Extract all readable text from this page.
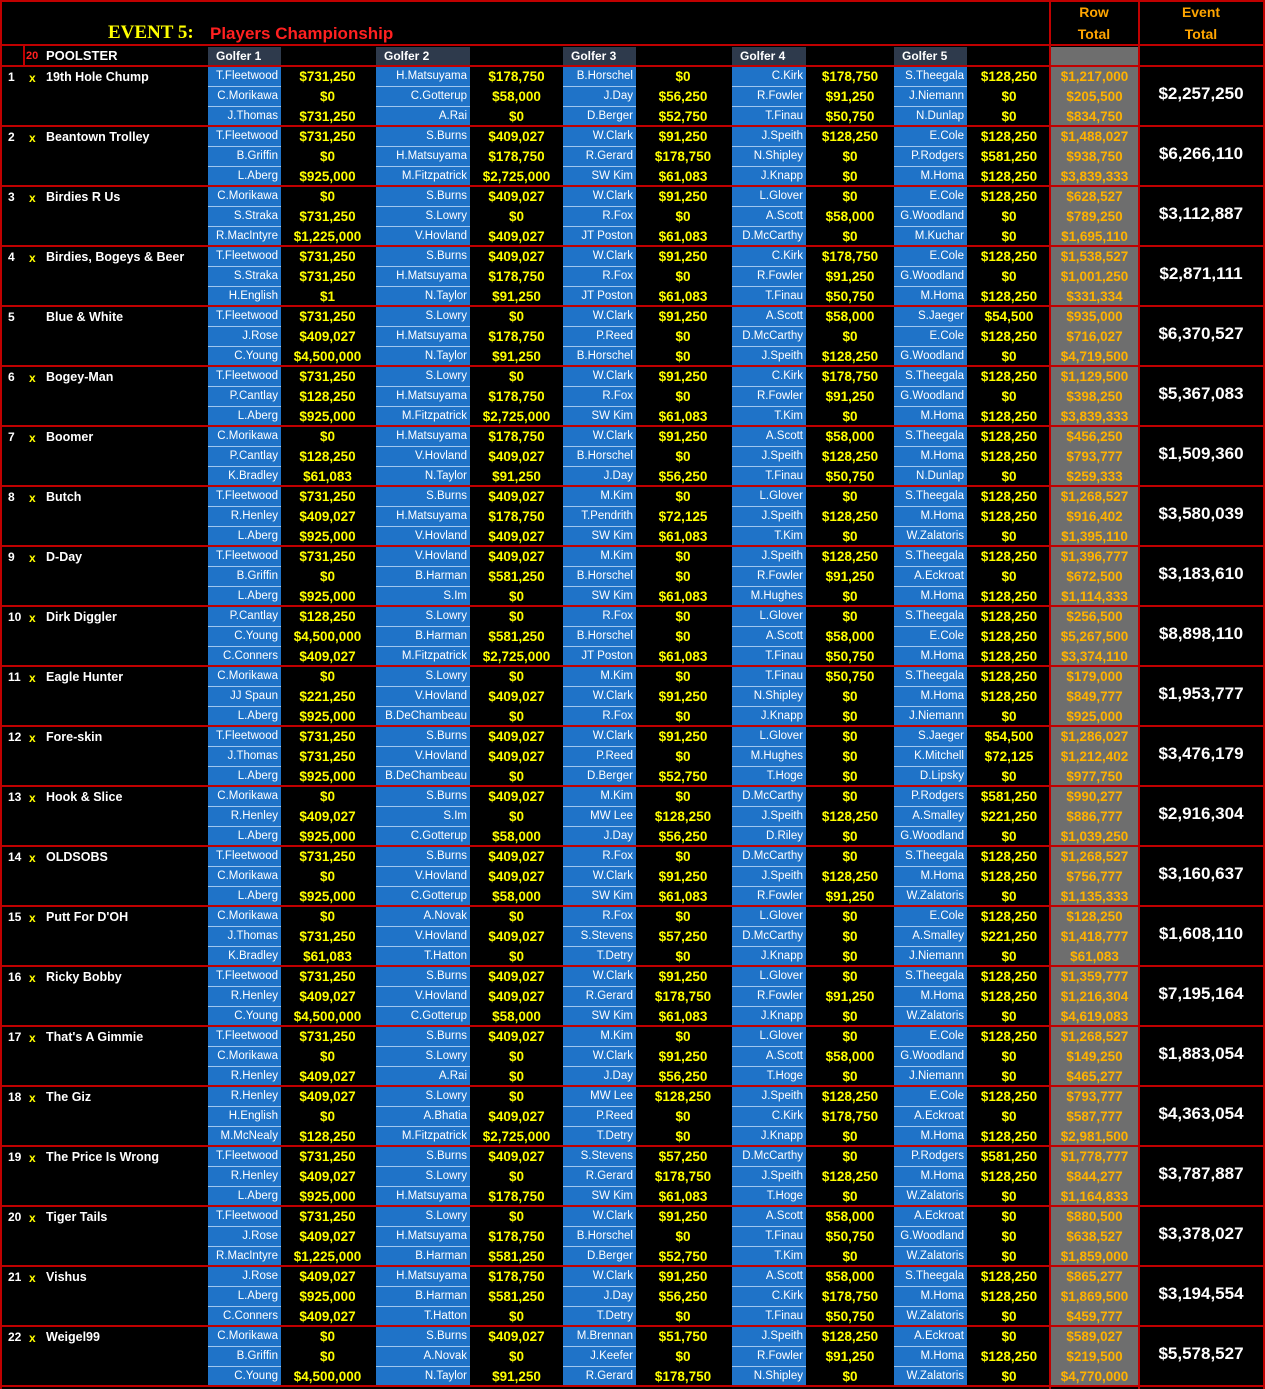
EVENT 5: Players Championship
Row
Total
Event
Total
20 POOLSTER	Golfer 1	Golfer 2	Golfer 3	Golfer 4	Golfer 5
1	x 19th Hole Chump	T.Fleetwood	$731,250	H.Matsuyama	$178,750	B.Horschel	$0	C.Kirk	$178,750	S.Theegala	$128,250	$1,217,000
C.Morikawa	$0	C.Gotterup	$58,000	J.Day	$56,250	R.Fowler	$91,250	J.Niemann	$0	$205,500
J.Thomas	$731,250	A.Rai	$0	D.Berger	$52,750	T.Finau	$50,750	N.Dunlap	$0	$834,750
$2,257,250
2	x Beantown Trolley	T.Fleetwood	$731,250	S.Burns	$409,027	W.Clark	$91,250	J.Speith	$128,250	E.Cole	$128,250	$1,488,027
B.Griffin	$0	H.Matsuyama	$178,750	R.Gerard	$178,750	N.Shipley	$0	P.Rodgers	$581,250	$938,750
L.Aberg	$925,000	M.Fitzpatrick	$2,725,000	SW Kim	$61,083	J.Knapp	$0	M.Homa	$128,250	$3,839,333
$6,266,110
3	x Birdies R Us	C.Morikawa	$0	S.Burns	$409,027	W.Clark	$91,250	L.Glover	$0	E.Cole	$128,250	$628,527
S.Straka	$731,250	S.Lowry	$0	R.Fox	$0	A.Scott	$58,000	G.Woodland	$0	$789,250
R.MacIntyre	$1,225,000	V.Hovland	$409,027	JT Poston	$61,083	D.McCarthy	$0	M.Kuchar	$0	$1,695,110
$3,112,887
4	x Birdies, Bogeys & Beer	T.Fleetwood	$731,250	S.Burns	$409,027	W.Clark	$91,250	C.Kirk	$178,750	E.Cole	$128,250	$1,538,527
S.Straka	$731,250	H.Matsuyama	$178,750	R.Fox	$0	R.Fowler	$91,250	G.Woodland	$0	$1,001,250
H.English	$1	N.Taylor	$91,250	JT Poston	$61,083	T.Finau	$50,750	M.Homa	$128,250	$331,334
$2,871,111
5	Blue & White	T.Fleetwood	$731,250	S.Lowry	$0	W.Clark	$91,250	A.Scott	$58,000	S.Jaeger	$54,500	$935,000
J.Rose	$409,027	H.Matsuyama	$178,750	P.Reed	$0	D.McCarthy	$0	E.Cole	$128,250	$716,027
C.Young	$4,500,000	N.Taylor	$91,250	B.Horschel	$0	J.Speith	$128,250	G.Woodland	$0	$4,719,500
$6,370,527
6	x Bogey-Man	T.Fleetwood	$731,250	S.Lowry	$0	W.Clark	$91,250	C.Kirk	$178,750	S.Theegala	$128,250	$1,129,500
P.Cantlay	$128,250	H.Matsuyama	$178,750	R.Fox	$0	R.Fowler	$91,250	G.Woodland	$0	$398,250
L.Aberg	$925,000	M.Fitzpatrick	$2,725,000	SW Kim	$61,083	T.Kim	$0	M.Homa	$128,250	$3,839,333
$5,367,083
7	x Boomer	C.Morikawa	$0	H.Matsuyama	$178,750	W.Clark	$91,250	A.Scott	$58,000	S.Theegala	$128,250	$456,250
P.Cantlay	$128,250	V.Hovland	$409,027	B.Horschel	$0	J.Speith	$128,250	M.Homa	$128,250	$793,777
K.Bradley	$61,083	N.Taylor	$91,250	J.Day	$56,250	T.Finau	$50,750	N.Dunlap	$0	$259,333
$1,509,360
8	x Butch	T.Fleetwood	$731,250	S.Burns	$409,027	M.Kim	$0	L.Glover	$0	S.Theegala	$128,250	$1,268,527
R.Henley	$409,027	H.Matsuyama	$178,750	T.Pendrith	$72,125	J.Speith	$128,250	M.Homa	$128,250	$916,402
L.Aberg	$925,000	V.Hovland	$409,027	SW Kim	$61,083	T.Kim	$0	W.Zalatoris	$0	$1,395,110
$3,580,039
9	x D-Day	T.Fleetwood	$731,250	V.Hovland	$409,027	M.Kim	$0	J.Speith	$128,250	S.Theegala	$128,250	$1,396,777
B.Griffin	$0	B.Harman	$581,250	B.Horschel	$0	R.Fowler	$91,250	A.Eckroat	$0	$672,500
L.Aberg	$925,000	S.Im	$0	SW Kim	$61,083	M.Hughes	$0	M.Homa	$128,250	$1,114,333
$3,183,610
10 x Dirk Diggler	P.Cantlay	$128,250	S.Lowry	$0	R.Fox	$0	L.Glover	$0	S.Theegala	$128,250	$256,500
C.Young	$4,500,000	B.Harman	$581,250	B.Horschel	$0	A.Scott	$58,000	E.Cole	$128,250	$5,267,500
C.Conners	$409,027	M.Fitzpatrick	$2,725,000	JT Poston	$61,083	T.Finau	$50,750	M.Homa	$128,250	$3,374,110
$8,898,110
11 x Eagle Hunter	C.Morikawa	$0	S.Lowry	$0	M.Kim	$0	T.Finau	$50,750	S.Theegala	$128,250	$179,000
JJ Spaun	$221,250	V.Hovland	$409,027	W.Clark	$91,250	N.Shipley	$0	M.Homa	$128,250	$849,777
L.Aberg	$925,000	B.DeChambeau	$0	R.Fox	$0	J.Knapp	$0	J.Niemann	$0	$925,000
$1,953,777
12 x Fore-skin	T.Fleetwood	$731,250	S.Burns	$409,027	W.Clark	$91,250	L.Glover	$0	S.Jaeger	$54,500	$1,286,027
J.Thomas	$731,250	V.Hovland	$409,027	P.Reed	$0	M.Hughes	$0	K.Mitchell	$72,125	$1,212,402
L.Aberg	$925,000	B.DeChambeau	$0	D.Berger	$52,750	T.Hoge	$0	D.Lipsky	$0	$977,750
$3,476,179
13 x Hook & Slice	C.Morikawa	$0	S.Burns	$409,027	M.Kim	$0	D.McCarthy	$0	P.Rodgers	$581,250	$990,277
R.Henley	$409,027	S.Im	$0	MW Lee	$128,250	J.Speith	$128,250	A.Smalley	$221,250	$886,777
L.Aberg	$925,000	C.Gotterup	$58,000	J.Day	$56,250	D.Riley	$0	G.Woodland	$0	$1,039,250
$2,916,304
14 x OLDSOBS	T.Fleetwood	$731,250	S.Burns	$409,027	R.Fox	$0	D.McCarthy	$0	S.Theegala	$128,250	$1,268,527
C.Morikawa	$0	V.Hovland	$409,027	W.Clark	$91,250	J.Speith	$128,250	M.Homa	$128,250	$756,777
L.Aberg	$925,000	C.Gotterup	$58,000	SW Kim	$61,083	R.Fowler	$91,250	W.Zalatoris	$0	$1,135,333
$3,160,637
15 x Putt For D'OH	C.Morikawa	$0	A.Novak	$0	R.Fox	$0	L.Glover	$0	E.Cole	$128,250	$128,250
J.Thomas	$731,250	V.Hovland	$409,027	S.Stevens	$57,250	D.McCarthy	$0	A.Smalley	$221,250	$1,418,777
K.Bradley	$61,083	T.Hatton	$0	T.Detry	$0	J.Knapp	$0	J.Niemann	$0	$61,083
$1,608,110
16 x Ricky Bobby	T.Fleetwood	$731,250	S.Burns	$409,027	W.Clark	$91,250	L.Glover	$0	S.Theegala	$128,250	$1,359,777
R.Henley	$409,027	V.Hovland	$409,027	R.Gerard	$178,750	R.Fowler	$91,250	M.Homa	$128,250	$1,216,304
C.Young	$4,500,000	C.Gotterup	$58,000	SW Kim	$61,083	J.Knapp	$0	W.Zalatoris	$0	$4,619,083
$7,195,164
17 x That's A Gimmie	T.Fleetwood	$731,250	S.Burns	$409,027	M.Kim	$0	L.Glover	$0	E.Cole	$128,250	$1,268,527
C.Morikawa	$0	S.Lowry	$0	W.Clark	$91,250	A.Scott	$58,000	G.Woodland	$0	$149,250
R.Henley	$409,027	A.Rai	$0	J.Day	$56,250	T.Hoge	$0	J.Niemann	$0	$465,277
$1,883,054
18 x The Giz	R.Henley	$409,027	S.Lowry	$0	MW Lee	$128,250	J.Speith	$128,250	E.Cole	$128,250	$793,777
H.English	$0	A.Bhatia	$409,027	P.Reed	$0	C.Kirk	$178,750	A.Eckroat	$0	$587,777
M.McNealy	$128,250	M.Fitzpatrick	$2,725,000	T.Detry	$0	J.Knapp	$0	M.Homa	$128,250	$2,981,500
$4,363,054
19 x The Price Is Wrong	T.Fleetwood	$731,250	S.Burns	$409,027	S.Stevens	$57,250	D.McCarthy	$0	P.Rodgers	$581,250	$1,778,777
R.Henley	$409,027	S.Lowry	$0	R.Gerard	$178,750	J.Speith	$128,250	M.Homa	$128,250	$844,277
L.Aberg	$925,000	H.Matsuyama	$178,750	SW Kim	$61,083	T.Hoge	$0	W.Zalatoris	$0	$1,164,833
$3,787,887
20 x Tiger Tails	T.Fleetwood	$731,250	S.Lowry	$0	W.Clark	$91,250	A.Scott	$58,000	A.Eckroat	$0	$880,500
J.Rose	$409,027	H.Matsuyama	$178,750	B.Horschel	$0	T.Finau	$50,750	G.Woodland	$0	$638,527
R.MacIntyre	$1,225,000	B.Harman	$581,250	D.Berger	$52,750	T.Kim	$0	W.Zalatoris	$0	$1,859,000
$3,378,027
21 x Vishus	J.Rose	$409,027	H.Matsuyama	$178,750	W.Clark	$91,250	A.Scott	$58,000	S.Theegala	$128,250	$865,277
L.Aberg	$925,000	B.Harman	$581,250	J.Day	$56,250	C.Kirk	$178,750	M.Homa	$128,250	$1,869,500
C.Conners	$409,027	T.Hatton	$0	T.Detry	$0	T.Finau	$50,750	W.Zalatoris	$0	$459,777
$3,194,554
22 x Weigel99	C.Morikawa	$0	S.Burns	$409,027	M.Brennan	$51,750	J.Speith	$128,250	A.Eckroat	$0	$589,027
B.Griffin	$0	A.Novak	$0	J.Keefer	$0	R.Fowler	$91,250	M.Homa	$128,250	$219,500
C.Young	$4,500,000	N.Taylor	$91,250	R.Gerard	$178,750	N.Shipley	$0	W.Zalatoris	$0	$4,770,000
$5,578,527
